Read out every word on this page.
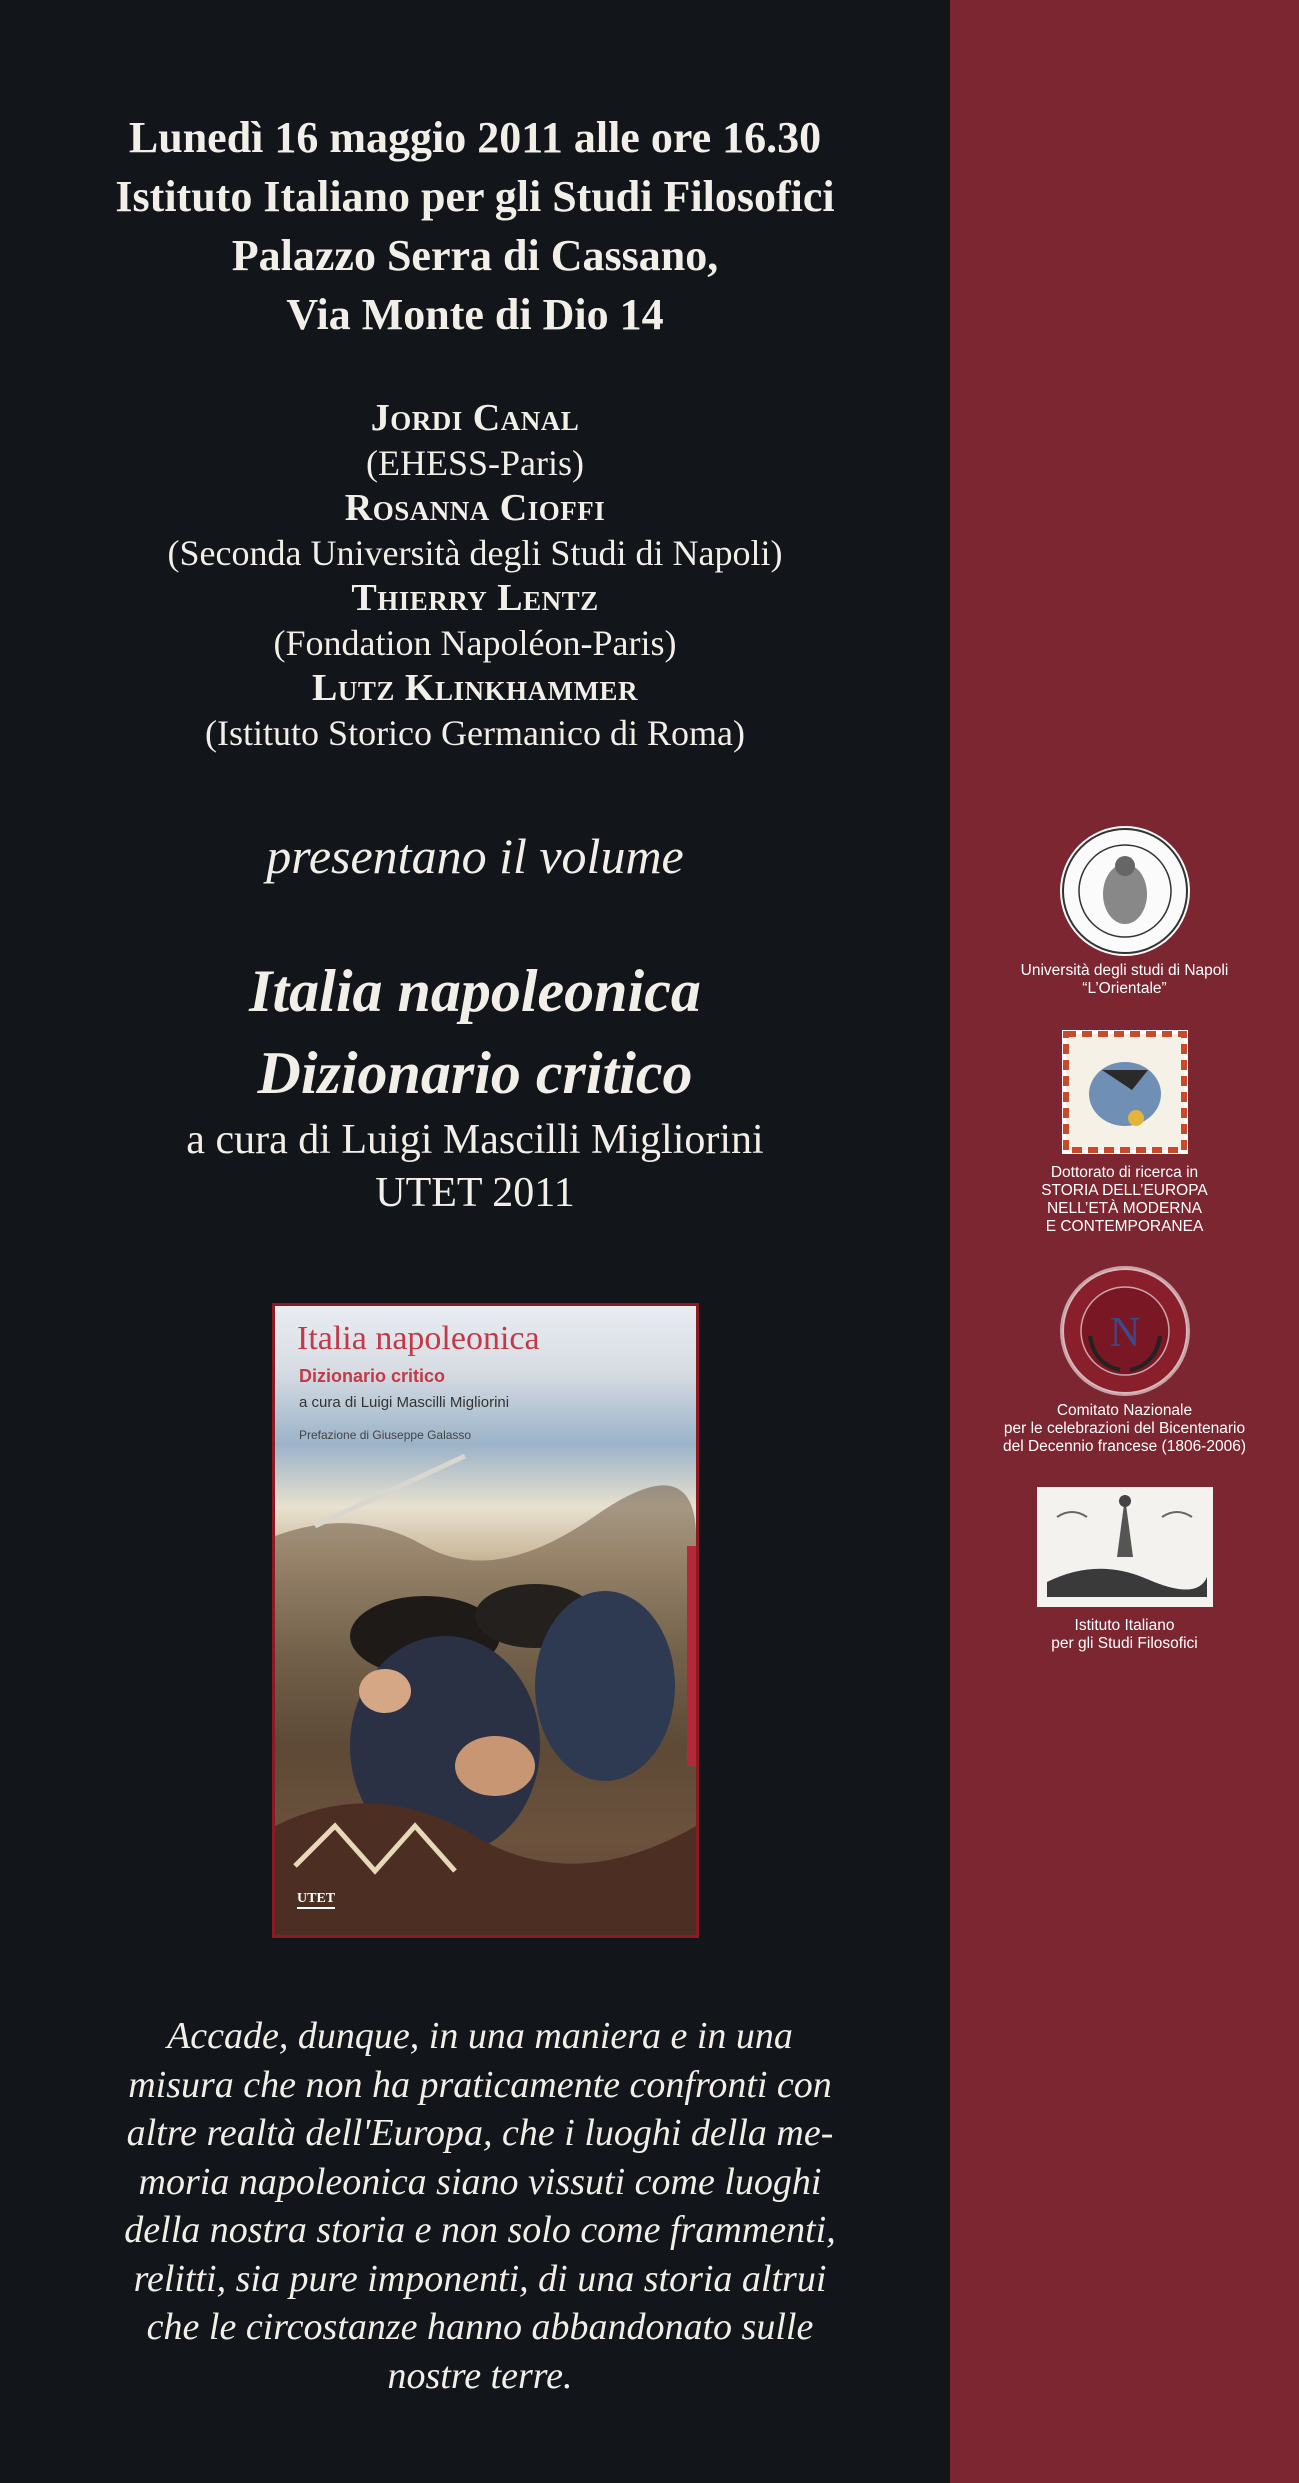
Lunedì 16 maggio 2011 alle ore 16.30
Istituto Italiano per gli Studi Filosofici
Palazzo Serra di Cassano,
Via Monte di Dio 14
Jordi Canal
(EHESS-Paris)
Rosanna Cioffi
(Seconda Università degli Studi di Napoli)
Thierry Lentz
(Fondation Napoléon-Paris)
Lutz Klinkhammer
(Istituto Storico Germanico di Roma)
presentano il volume
Italia napoleonica
Dizionario critico
a cura di Luigi Mascilli Migliorini
UTET 2011
Italia napoleonica
Dizionario critico
a cura di Luigi Mascilli Migliorini
Prefazione di Giuseppe Galasso
UTET
Accade, dunque, in una maniera e in una
misura che non ha praticamente confronti con
altre realtà dell'Europa, che i luoghi della me-
moria napoleonica siano vissuti come luoghi
della nostra storia e non solo come frammenti,
relitti, sia pure imponenti, di una storia altrui
che le circostanze hanno abbandonato sulle
nostre terre.
Università degli studi di Napoli
“L’Orientale”
Dottorato di ricerca in
STORIA DELL’EUROPA
NELL’ETÀ MODERNA
E CONTEMPORANEA
N
Comitato Nazionale
per le celebrazioni del Bicentenario
del Decennio francese (1806-2006)
Istituto Italiano
per gli Studi Filosofici
